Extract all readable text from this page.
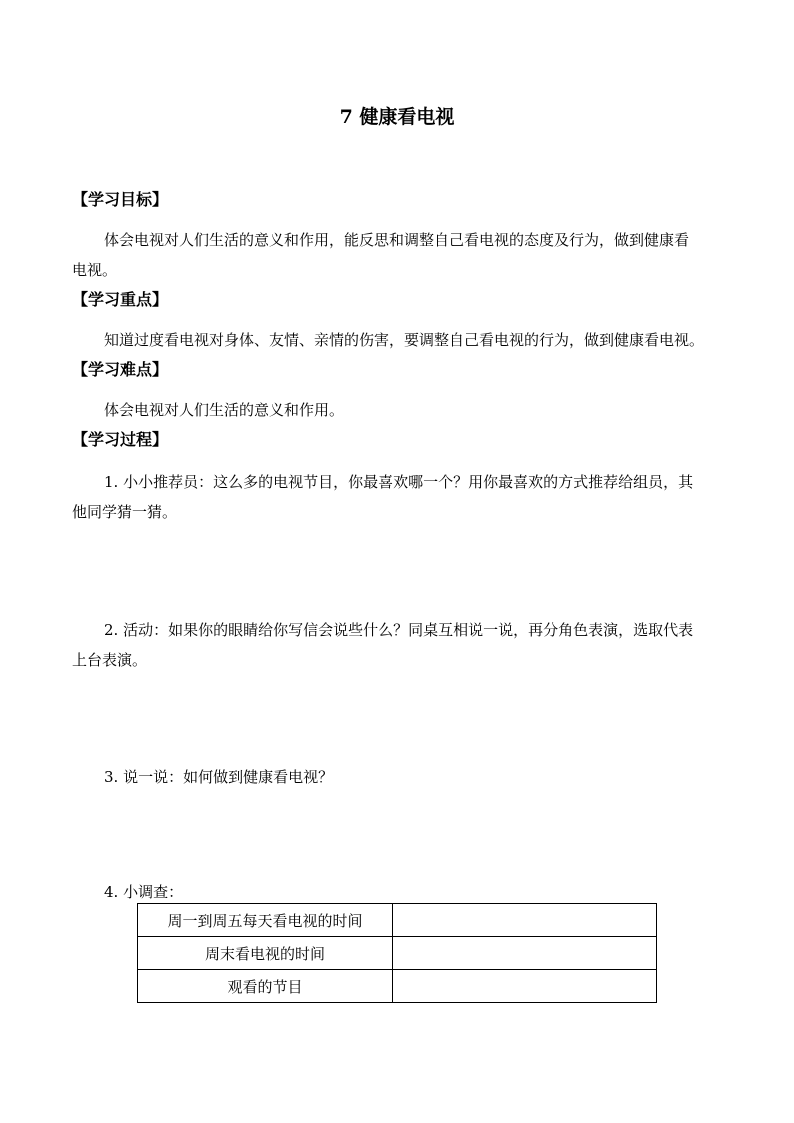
7 健康看电视
【学习目标】
体会电视对人们生活的意义和作用，能反思和调整自己看电视的态度及行为，做到健康看
电视。
【学习重点】
知道过度看电视对身体、友情、亲情的伤害，要调整自己看电视的行为，做到健康看电视。
【学习难点】
体会电视对人们生活的意义和作用。
【学习过程】
1. 小小推荐员：这么多的电视节目，你最喜欢哪一个？用你最喜欢的方式推荐给组员，其
他同学猜一猜。
2. 活动：如果你的眼睛给你写信会说些什么？同桌互相说一说，再分角色表演，选取代表
上台表演。
3. 说一说：如何做到健康看电视？
4. 小调查：
周一到周五每天看电视的时间	
周末看电视的时间	
观看的节目	
